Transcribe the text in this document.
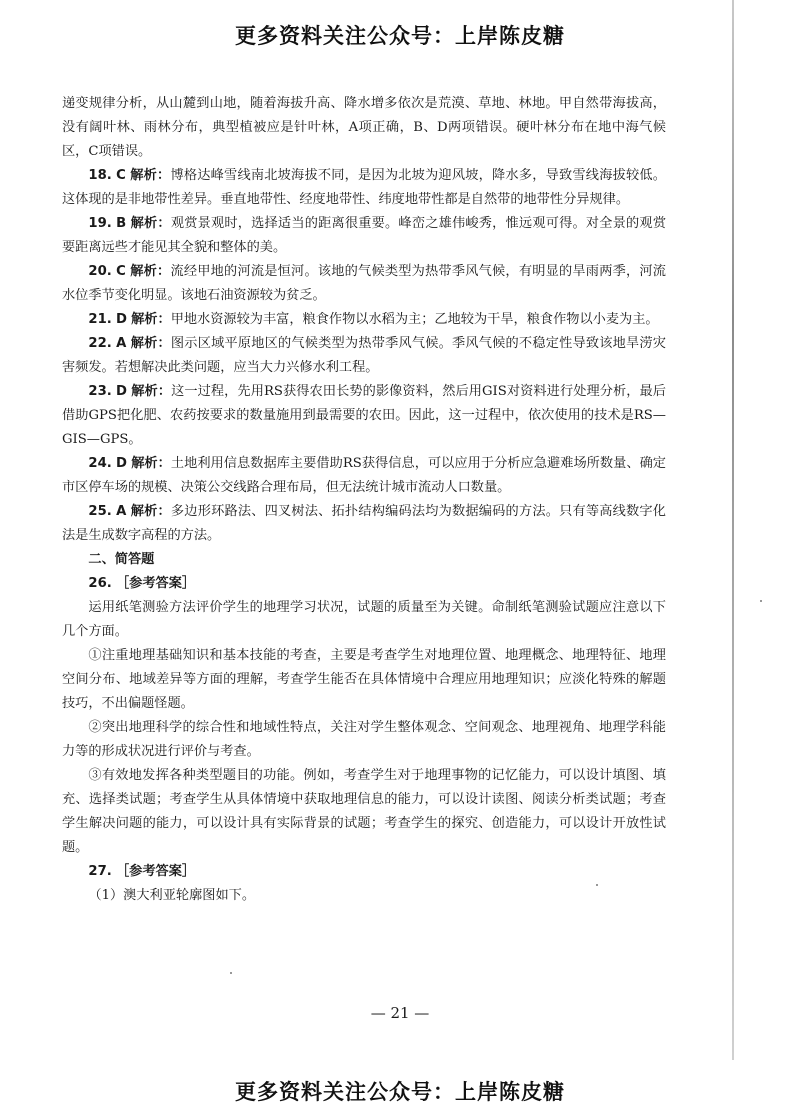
更多资料关注公众号：上岸陈皮糖

递变规律分析，从山麓到山地，随着海拔升高、降水增多依次是荒漠、草地、林地。甲自然带海拔高，没有阔叶林、雨林分布，典型植被应是针叶林，A项正确，B、D两项错误。硬叶林分布在地中海气候区，C项错误。

18. C 解析：博格达峰雪线南北坡海拔不同，是因为北坡为迎风坡，降水多，导致雪线海拔较低。这体现的是非地带性差异。垂直地带性、经度地带性、纬度地带性都是自然带的地带性分异规律。

19. B 解析：观赏景观时，选择适当的距离很重要。峰峦之雄伟峻秀，惟远观可得。对全景的观赏要距离远些才能见其全貌和整体的美。

20. C 解析：流经甲地的河流是恒河。该地的气候类型为热带季风气候，有明显的旱雨两季，河流水位季节变化明显。该地石油资源较为贫乏。

21. D 解析：甲地水资源较为丰富，粮食作物以水稻为主；乙地较为干旱，粮食作物以小麦为主。

22. A 解析：图示区域平原地区的气候类型为热带季风气候。季风气候的不稳定性导致该地旱涝灾害频发。若想解决此类问题，应当大力兴修水利工程。

23. D 解析：这一过程，先用RS获得农田长势的影像资料，然后用GIS对资料进行处理分析，最后借助GPS把化肥、农药按要求的数量施用到最需要的农田。因此，这一过程中，依次使用的技术是RS—GIS—GPS。

24. D 解析：土地利用信息数据库主要借助RS获得信息，可以应用于分析应急避难场所数量、确定市区停车场的规模、决策公交线路合理布局，但无法统计城市流动人口数量。

25. A 解析：多边形环路法、四叉树法、拓扑结构编码法均为数据编码的方法。只有等高线数字化法是生成数字高程的方法。

二、简答题

26. ［参考答案］

运用纸笔测验方法评价学生的地理学习状况，试题的质量至为关键。命制纸笔测验试题应注意以下几个方面。

①注重地理基础知识和基本技能的考查，主要是考查学生对地理位置、地理概念、地理特征、地理空间分布、地域差异等方面的理解，考查学生能否在具体情境中合理应用地理知识；应淡化特殊的解题技巧，不出偏题怪题。

②突出地理科学的综合性和地域性特点，关注对学生整体观念、空间观念、地理视角、地理学科能力等的形成状况进行评价与考查。

③有效地发挥各种类型题目的功能。例如，考查学生对于地理事物的记忆能力，可以设计填图、填充、选择类试题；考查学生从具体情境中获取地理信息的能力，可以设计读图、阅读分析类试题；考查学生解决问题的能力，可以设计具有实际背景的试题；考查学生的探究、创造能力，可以设计开放性试题。

27. ［参考答案］

（1）澳大利亚轮廓图如下。

— 21 —
更多资料关注公众号：上岸陈皮糖
